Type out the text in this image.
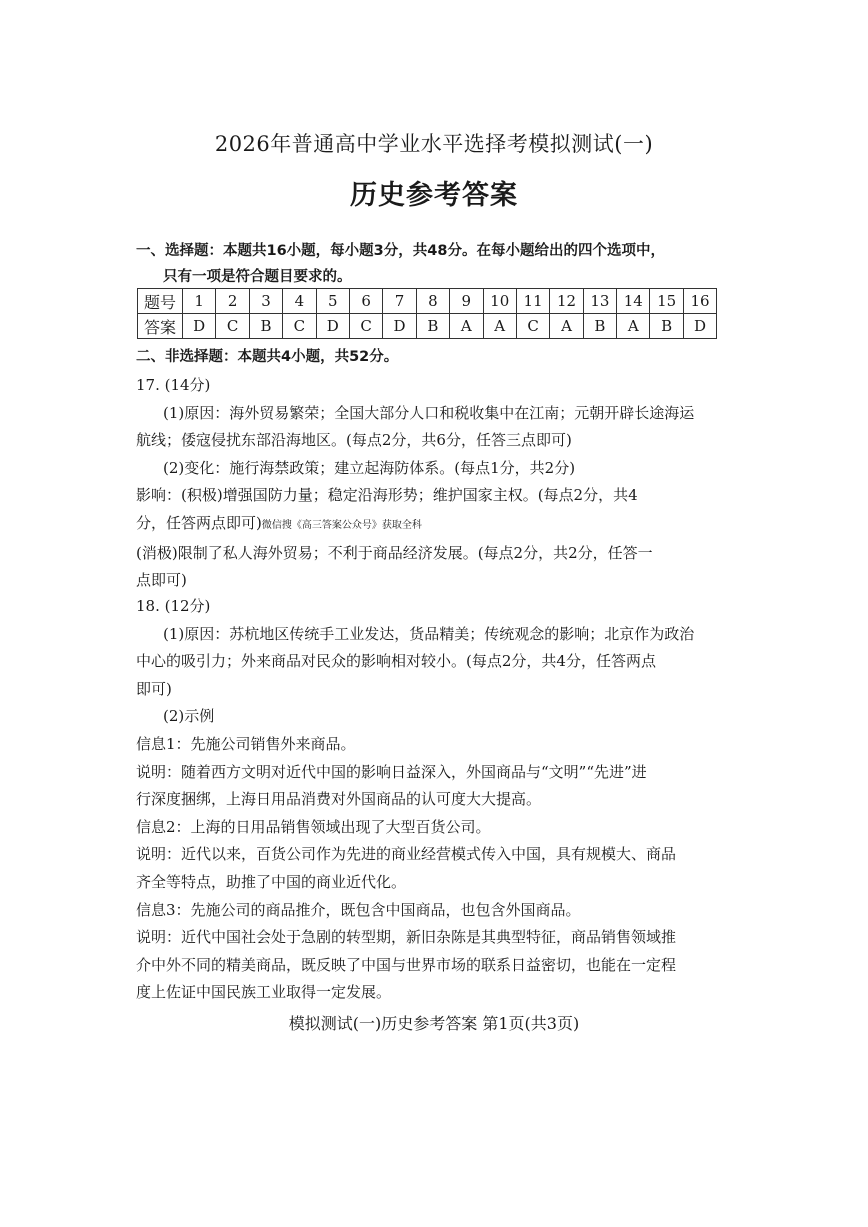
2026年普通高中学业水平选择考模拟测试(一)
历史参考答案
一、选择题：本题共16小题，每小题3分，共48分。在每小题给出的四个选项中，
只有一项是符合题目要求的。
题号	1	2	3	4	5	6	7	8	9	10	11	12	13	14	15	16
答案	D	C	B	C	D	C	D	B	A	A	C	A	B	A	B	D
二、非选择题：本题共4小题，共52分。

17. (14分)

(1)原因：海外贸易繁荣；全国大部分人口和税收集中在江南；元朝开辟长途海运

航线；倭寇侵扰东部沿海地区。(每点2分，共6分，任答三点即可)

(2)变化：施行海禁政策；建立起海防体系。(每点1分，共2分)

影响：(积极)增强国防力量；稳定沿海形势；维护国家主权。(每点2分，共4

分，任答两点即可)微信搜《高三答案公众号》获取全科

(消极)限制了私人海外贸易；不利于商品经济发展。(每点2分，共2分，任答一

点即可)

18. (12分)

(1)原因：苏杭地区传统手工业发达，货品精美；传统观念的影响；北京作为政治

中心的吸引力；外来商品对民众的影响相对较小。(每点2分，共4分，任答两点

即可)

(2)示例

信息1：先施公司销售外来商品。

说明：随着西方文明对近代中国的影响日益深入，外国商品与“文明”“先进”进

行深度捆绑，上海日用品消费对外国商品的认可度大大提高。

信息2：上海的日用品销售领域出现了大型百货公司。

说明：近代以来，百货公司作为先进的商业经营模式传入中国，具有规模大、商品

齐全等特点，助推了中国的商业近代化。

信息3：先施公司的商品推介，既包含中国商品，也包含外国商品。

说明：近代中国社会处于急剧的转型期，新旧杂陈是其典型特征，商品销售领域推

介中外不同的精美商品，既反映了中国与世界市场的联系日益密切，也能在一定程

度上佐证中国民族工业取得一定发展。

模拟测试(一)历史参考答案 第1页(共3页)
